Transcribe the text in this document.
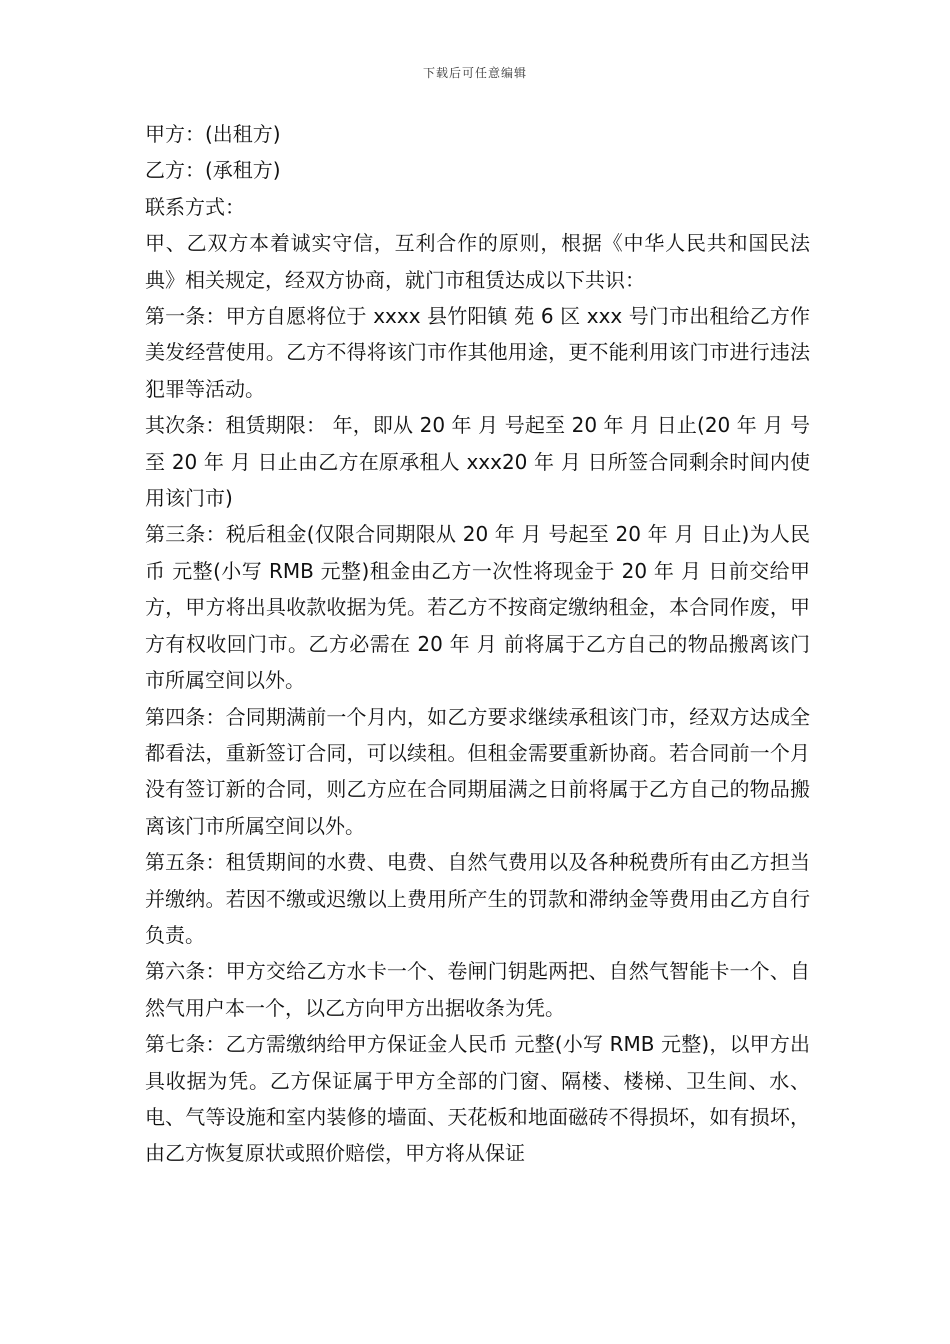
下载后可任意编辑

甲方：(出租方)

乙方：(承租方)

联系方式：

甲、乙双方本着诚实守信，互利合作的原则，根据《中华人民共和国民法典》相关规定，经双方协商，就门市租赁达成以下共识：

第一条：甲方自愿将位于 xxxx 县竹阳镇 苑 6 区 xxx 号门市出租给乙方作美发经营使用。乙方不得将该门市作其他用途，更不能利用该门市进行违法犯罪等活动。

其次条：租赁期限： 年，即从 20 年 月 号起至 20 年 月 日止(20 年 月 号至 20 年 月 日止由乙方在原承租人 xxx20 年 月 日所签合同剩余时间内使用该门市)

第三条：税后租金(仅限合同期限从 20 年 月 号起至 20 年 月 日止)为人民币 元整(小写 RMB 元整)租金由乙方一次性将现金于 20 年 月 日前交给甲方，甲方将出具收款收据为凭。若乙方不按商定缴纳租金，本合同作废，甲方有权收回门市。乙方必需在 20 年 月 前将属于乙方自己的物品搬离该门市所属空间以外。

第四条：合同期满前一个月内，如乙方要求继续承租该门市，经双方达成全都看法，重新签订合同，可以续租。但租金需要重新协商。若合同前一个月没有签订新的合同，则乙方应在合同期届满之日前将属于乙方自己的物品搬离该门市所属空间以外。

第五条：租赁期间的水费、电费、自然气费用以及各种税费所有由乙方担当并缴纳。若因不缴或迟缴以上费用所产生的罚款和滞纳金等费用由乙方自行负责。

第六条：甲方交给乙方水卡一个、卷闸门钥匙两把、自然气智能卡一个、自然气用户本一个，以乙方向甲方出据收条为凭。

第七条：乙方需缴纳给甲方保证金人民币 元整(小写 RMB 元整)，以甲方出具收据为凭。乙方保证属于甲方全部的门窗、隔楼、楼梯、卫生间、水、电、气等设施和室内装修的墙面、天花板和地面磁砖不得损坏，如有损坏，由乙方恢复原状或照价赔偿，甲方将从保证
